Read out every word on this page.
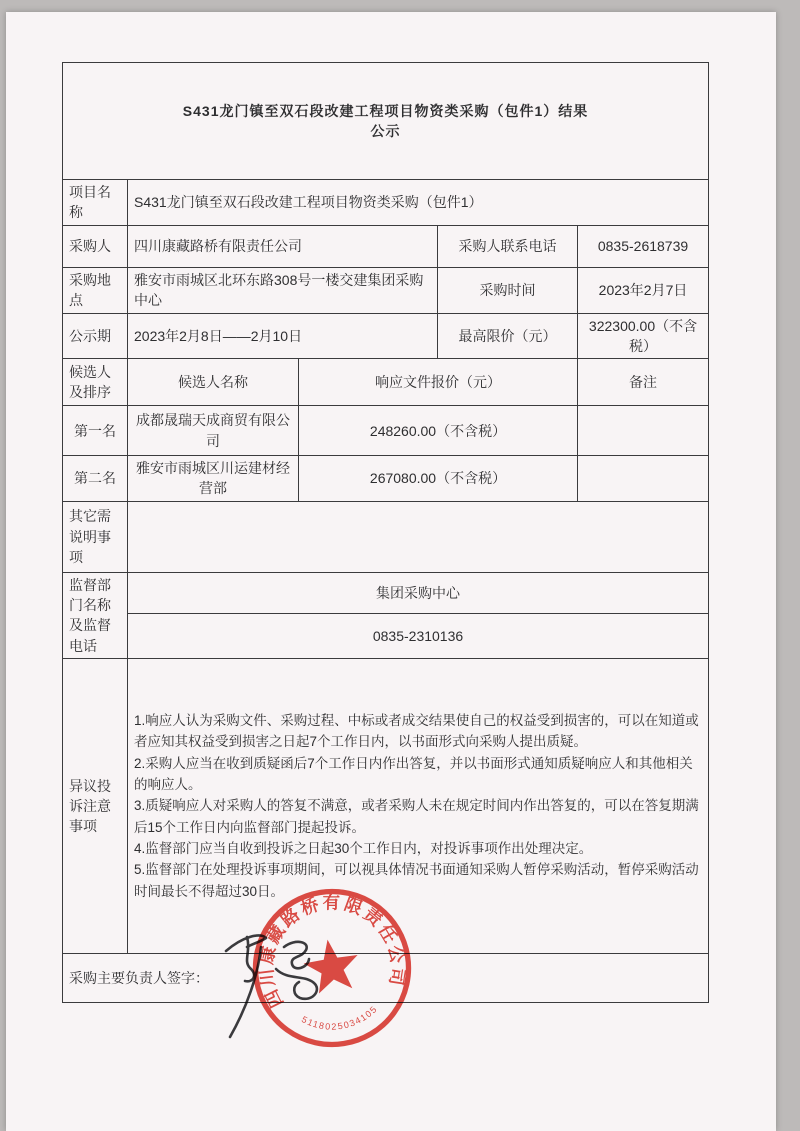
S431龙门镇至双石段改建工程项目物资类采购（包件1）结果
公示				

项目名称	S431龙门镇至双石段改建工程项目物资类采购（包件1）			
采购人	四川康藏路桥有限责任公司		采购人联系电话	0835-2618739
采购地点	雅安市雨城区北环东路308号一楼交建集团采购中心		采购时间	2023年2月7日
公示期	2023年2月8日——2月10日		最高限价（元）	322300.00（不含税）
候选人及排序	候选人名称	响应文件报价（元）		备注
第一名	成都晟瑞天成商贸有限公司	248260.00（不含税）		
第二名	雅安市雨城区川运建材经营部	267080.00（不含税）		
其它需说明事项				
监督部门名称及监督电话	集团采购中心			
	0835-2310136			
异议投诉注意事项	1.响应人认为采购文件、采购过程、中标或者成交结果使自己的权益受到损害的，可以在知道或者应知其权益受到损害之日起7个工作日内，以书面形式向采购人提出质疑。
2.采购人应当在收到质疑函后7个工作日内作出答复，并以书面形式通知质疑响应人和其他相关的响应人。
3.质疑响应人对采购人的答复不满意，或者采购人未在规定时间内作出答复的，可以在答复期满后15个工作日内向监督部门提起投诉。
4.监督部门应当自收到投诉之日起30个工作日内，对投诉事项作出处理决定。
5.监督部门在处理投诉事项期间，可以视具体情况书面通知采购人暂停采购活动，暂停采购活动时间最长不得超过30日。			

采购主要负责人签字：				
四川康藏路桥有限责任公司
5118025034105
